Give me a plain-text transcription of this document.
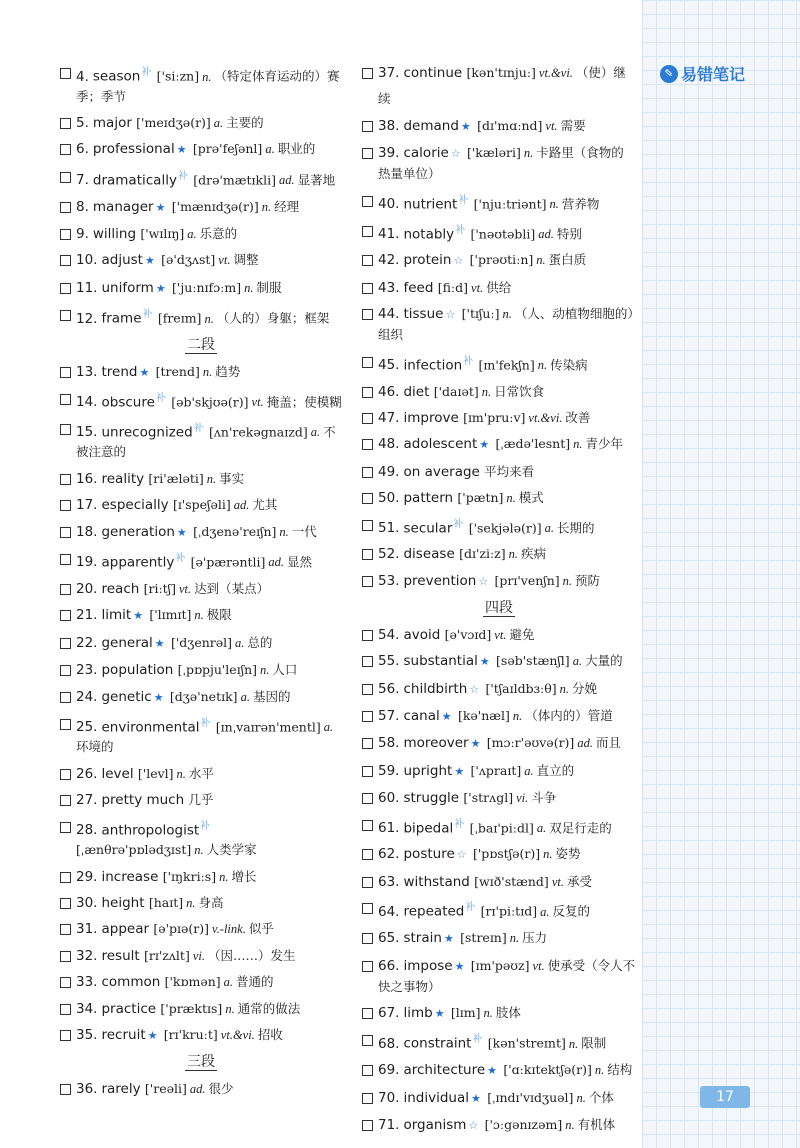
✎ 易错笔记
4. season$^补$ ['siːzn] n. （特定体育运动的）赛季；季节
5. major ['meɪdʒə(r)] a. 主要的
6. professional ★ [prə'feʃənl] a. 职业的
7. dramatically$^补$ [drə'mætɪkli] ad. 显著地
8. manager ★ ['mænɪdʒə(r)] n. 经理
9. willing ['wɪlɪŋ] a. 乐意的
10. adjust ★ [ə'dʒʌst] vt. 调整
11. uniform ★ ['juːnɪfɔːm] n. 制服
12. frame$^补$ [freɪm] n. （人的）身躯；框架
二段
13. trend ★ [trend] n. 趋势
14. obscure$^补$ [əb'skjʊə(r)] vt. 掩盖；使模糊
15. unrecognized$^补$ [ʌn'rekəgnaɪzd] a. 不被注意的
16. reality [ri'æləti] n. 事实
17. especially [ɪ'speʃəli] ad. 尤其
18. generation ★ [ˌdʒenə'reɪʃn] n. 一代
19. apparently$^补$ [ə'pærəntli] ad. 显然
20. reach [riːtʃ] vt. 达到（某点）
21. limit ★ ['lɪmɪt] n. 极限
22. general ★ ['dʒenrəl] a. 总的
23. population [ˌpɒpju'leɪʃn] n. 人口
24. genetic ★ [dʒə'netɪk] a. 基因的
25. environmental$^补$ [ɪnˌvaɪrən'mentl] a.环境的
26. level ['levl] n. 水平
27. pretty much 几乎
28. anthropologist$^补$ [ˌænθrə'pɒlədʒɪst] n. 人类学家
29. increase ['ɪŋkriːs] n. 增长
30. height [haɪt] n. 身高
31. appear [ə'pɪə(r)] v.-link. 似乎
32. result [rɪ'zʌlt] vi. （因……）发生
33. common ['kɒmən] a. 普通的
34. practice ['præktɪs] n. 通常的做法
35. recruit ★ [rɪ'kruːt] vt.&vi. 招收
三段
36. rarely ['reəli] ad. 很少
37. continue [kən'tɪnjuː] vt.&vi. （使）继续
38. demand ★ [dɪ'mɑːnd] vt. 需要
39. calorie ☆ ['kæləri] n. 卡路里（食物的热量单位）
40. nutrient$^补$ ['njuːtriənt] n. 营养物
41. notably$^补$ ['nəʊtəbli] ad. 特别
42. protein ☆ ['prəʊtiːn] n. 蛋白质
43. feed [fiːd] vt. 供给
44. tissue ☆ ['tɪʃuː] n. （人、动植物细胞的）组织
45. infection$^补$ [ɪn'fekʃn] n. 传染病
46. diet ['daɪət] n. 日常饮食
47. improve [ɪm'pruːv] vt.&vi. 改善
48. adolescent ★ [ˌædə'lesnt] n. 青少年
49. on average 平均来看
50. pattern ['pætn] n. 模式
51. secular$^补$ ['sekjələ(r)] a. 长期的
52. disease [dɪ'ziːz] n. 疾病
53. prevention ☆ [prɪ'venʃn] n. 预防
四段
54. avoid [ə'vɔɪd] vt. 避免
55. substantial ★ [səb'stænʃl] a. 大量的
56. childbirth ☆ ['tʃaɪldbɜːθ] n. 分娩
57. canal ★ [kə'næl] n. （体内的）管道
58. moreover ★ [mɔːr'əʊvə(r)] ad. 而且
59. upright ★ ['ʌpraɪt] a. 直立的
60. struggle ['strʌgl] vi. 斗争
61. bipedal$^补$ [ˌbaɪ'piːdl] a. 双足行走的
62. posture ☆ ['pɒstʃə(r)] n. 姿势
63. withstand [wɪð'stænd] vt. 承受
64. repeated$^补$ [rɪ'piːtɪd] a. 反复的
65. strain ★ [streɪn] n. 压力
66. impose ★ [ɪm'pəʊz] vt. 使承受（令人不快之事物）
67. limb ★ [lɪm] n. 肢体
68. constraint$^补$ [kən'streɪnt] n. 限制
69. architecture ★ ['ɑːkɪtektʃə(r)] n. 结构
70. individual ★ [ˌɪndɪ'vɪdʒuəl] n. 个体
71. organism ☆ ['ɔːgənɪzəm] n. 有机体
17
